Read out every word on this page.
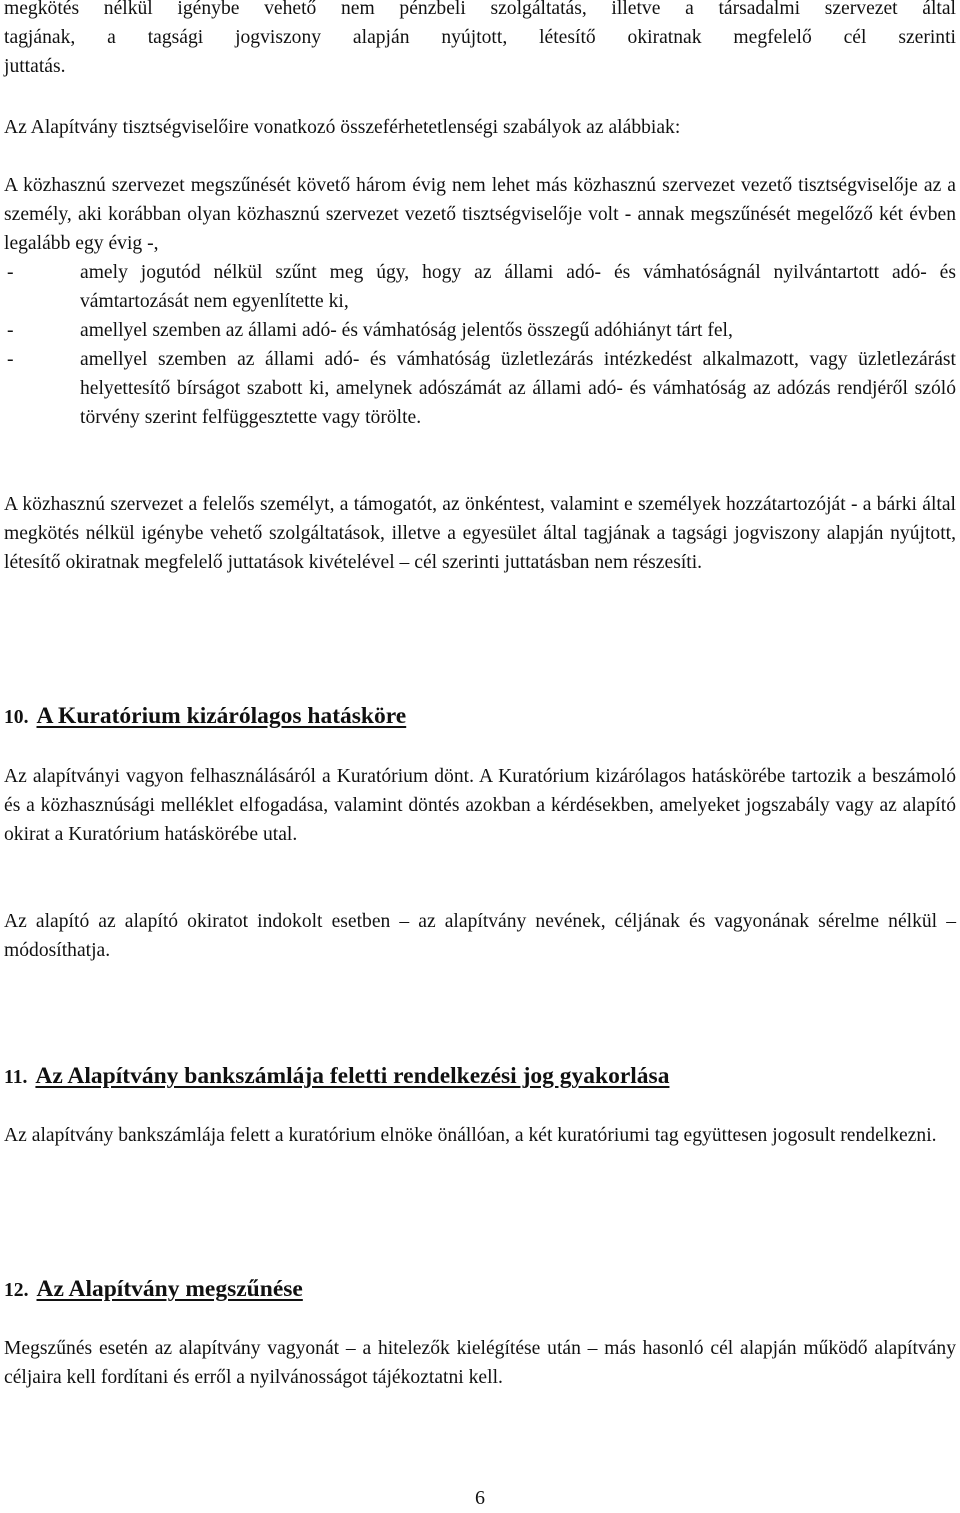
megkötés nélkül igénybe vehető nem pénzbeli szolgáltatás, illetve a társadalmi szervezet által
tagjának, a tagsági jogviszony alapján nyújtott, létesítő okiratnak megfelelő cél szerinti
juttatás.

Az Alapítvány tisztségviselőire vonatkozó összeférhetetlenségi szabályok az alábbiak:

A közhasznú szervezet megszűnését követő három évig nem lehet más közhasznú szervezet vezető tisztségviselője az a személy, aki korábban olyan közhasznú szervezet vezető tisztségviselője volt - annak megszűnését megelőző két évben legalább egy évig -,

-	amely jogutód nélkül szűnt meg úgy, hogy az állami adó- és vámhatóságnál nyilvántartott adó- és vámtartozását nem egyenlítette ki,
-	amellyel szemben az állami adó- és vámhatóság jelentős összegű adóhiányt tárt fel,
-	amellyel szemben az állami adó- és vámhatóság üzletlezárás intézkedést alkalmazott, vagy üzletlezárást helyettesítő bírságot szabott ki, amelynek adószámát az állami adó- és vámhatóság az adózás rendjéről szóló törvény szerint felfüggesztette vagy törölte.

A közhasznú szervezet a felelős személyt, a támogatót, az önkéntest, valamint e személyek hozzátartozóját - a bárki által megkötés nélkül igénybe vehető szolgáltatások, illetve a egyesület által tagjának a tagsági jogviszony alapján nyújtott, létesítő okiratnak megfelelő juttatások kivételével – cél szerinti juttatásban nem részesíti.

10. A Kuratórium kizárólagos hatásköre

Az alapítványi vagyon felhasználásáról a Kuratórium dönt. A Kuratórium kizárólagos hatáskörébe tartozik a beszámoló és a közhasznúsági melléklet elfogadása, valamint döntés azokban a kérdésekben, amelyeket jogszabály vagy az alapító okirat a Kuratórium hatáskörébe utal.

Az alapító az alapító okiratot indokolt esetben – az alapítvány nevének, céljának és vagyonának sérelme nélkül – módosíthatja.

11. Az Alapítvány bankszámlája feletti rendelkezési jog gyakorlása

Az alapítvány bankszámlája felett a kuratórium elnöke önállóan, a két kuratóriumi tag együttesen jogosult rendelkezni.

12. Az Alapítvány megszűnése

Megszűnés esetén az alapítvány vagyonát – a hitelezők kielégítése után – más hasonló cél alapján működő alapítvány céljaira kell fordítani és erről a nyilvánosságot tájékoztatni kell.

6
